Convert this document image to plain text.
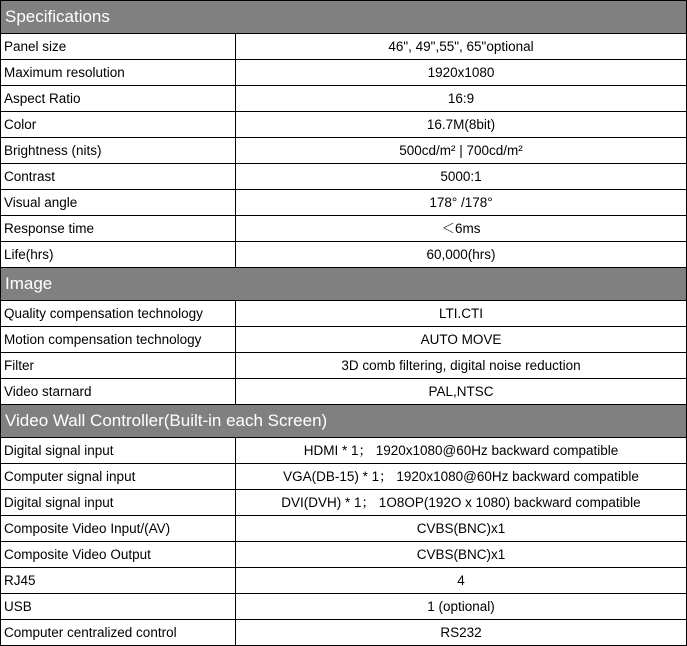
Specifications	
Panel size	46", 49",55", 65"optional
Maximum resolution	1920x1080
Aspect Ratio	16:9
Color	16.7M(8bit)
Brightness (nits)	500cd/m² | 700cd/m²
Contrast	5000:1
Visual angle	178° /178°
Response time	＜6ms
Life(hrs)	60,000(hrs)
Image	
Quality compensation technology	LTI.CTI
Motion compensation technology	AUTO MOVE
Filter	3D comb filtering, digital noise reduction
Video starnard	PAL,NTSC
Video Wall Controller(Built-in each Screen)	
Digital signal input	HDMI * 1； 1920x1080@60Hz backward compatible
Computer signal input	VGA(DB-15) * 1； 1920x1080@60Hz backward compatible
Digital signal input	DVI(DVH) * 1； 1O8OP(192O x 1080) backward compatible
Composite Video Input/(AV)	CVBS(BNC)x1
Composite Video Output	CVBS(BNC)x1
RJ45	4
USB	1 (optional)
Computer centralized control	RS232
